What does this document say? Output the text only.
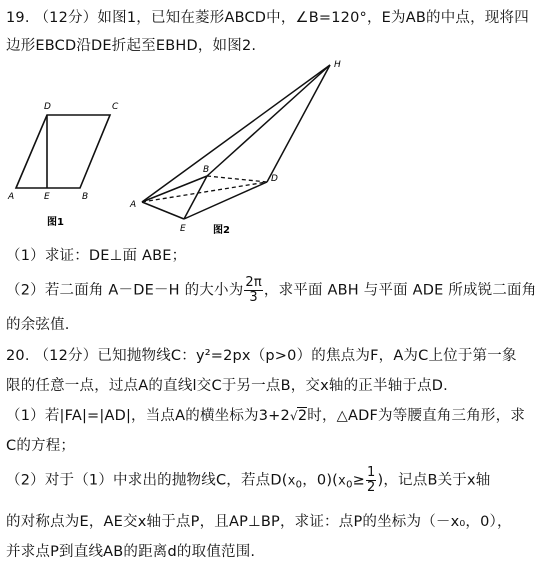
19. （12分）如图1，已知在菱形ABCD中，∠B=120°，E为AB的中点，现将四
边形EBCD沿DE折起至EBHD，如图2.
D	C
A	E	B
图1
H
B
D
A
E	图2
（1）求证：DE⊥面 ABE；
（2）若二面角 A－DE－H 的大小为 $\frac{2\pi}{3}$ ，求平面 ABH 与平面 ADE 所成锐二面角
的余弦值.
20. （12分）已知抛物线C：y²=2px（p>0）的焦点为F，A为C上位于第一象
限的任意一点，过点A的直线l交C于另一点B，交x轴的正半轴于点D.
（1）若|FA|=|AD|，当点A的横坐标为3+2√2时，△ADF为等腰直角三角形，求
C的方程；
（2）对于（1）中求出的抛物线C，若点$D(x_0$，$0)(x_0\ge \frac{1}{2}$ )，记点B关于x轴
的对称点为E，AE交x轴于点P，且AP⊥BP，求证：点P的坐标为（－x₀，0），
并求点P到直线AB的距离d的取值范围.
